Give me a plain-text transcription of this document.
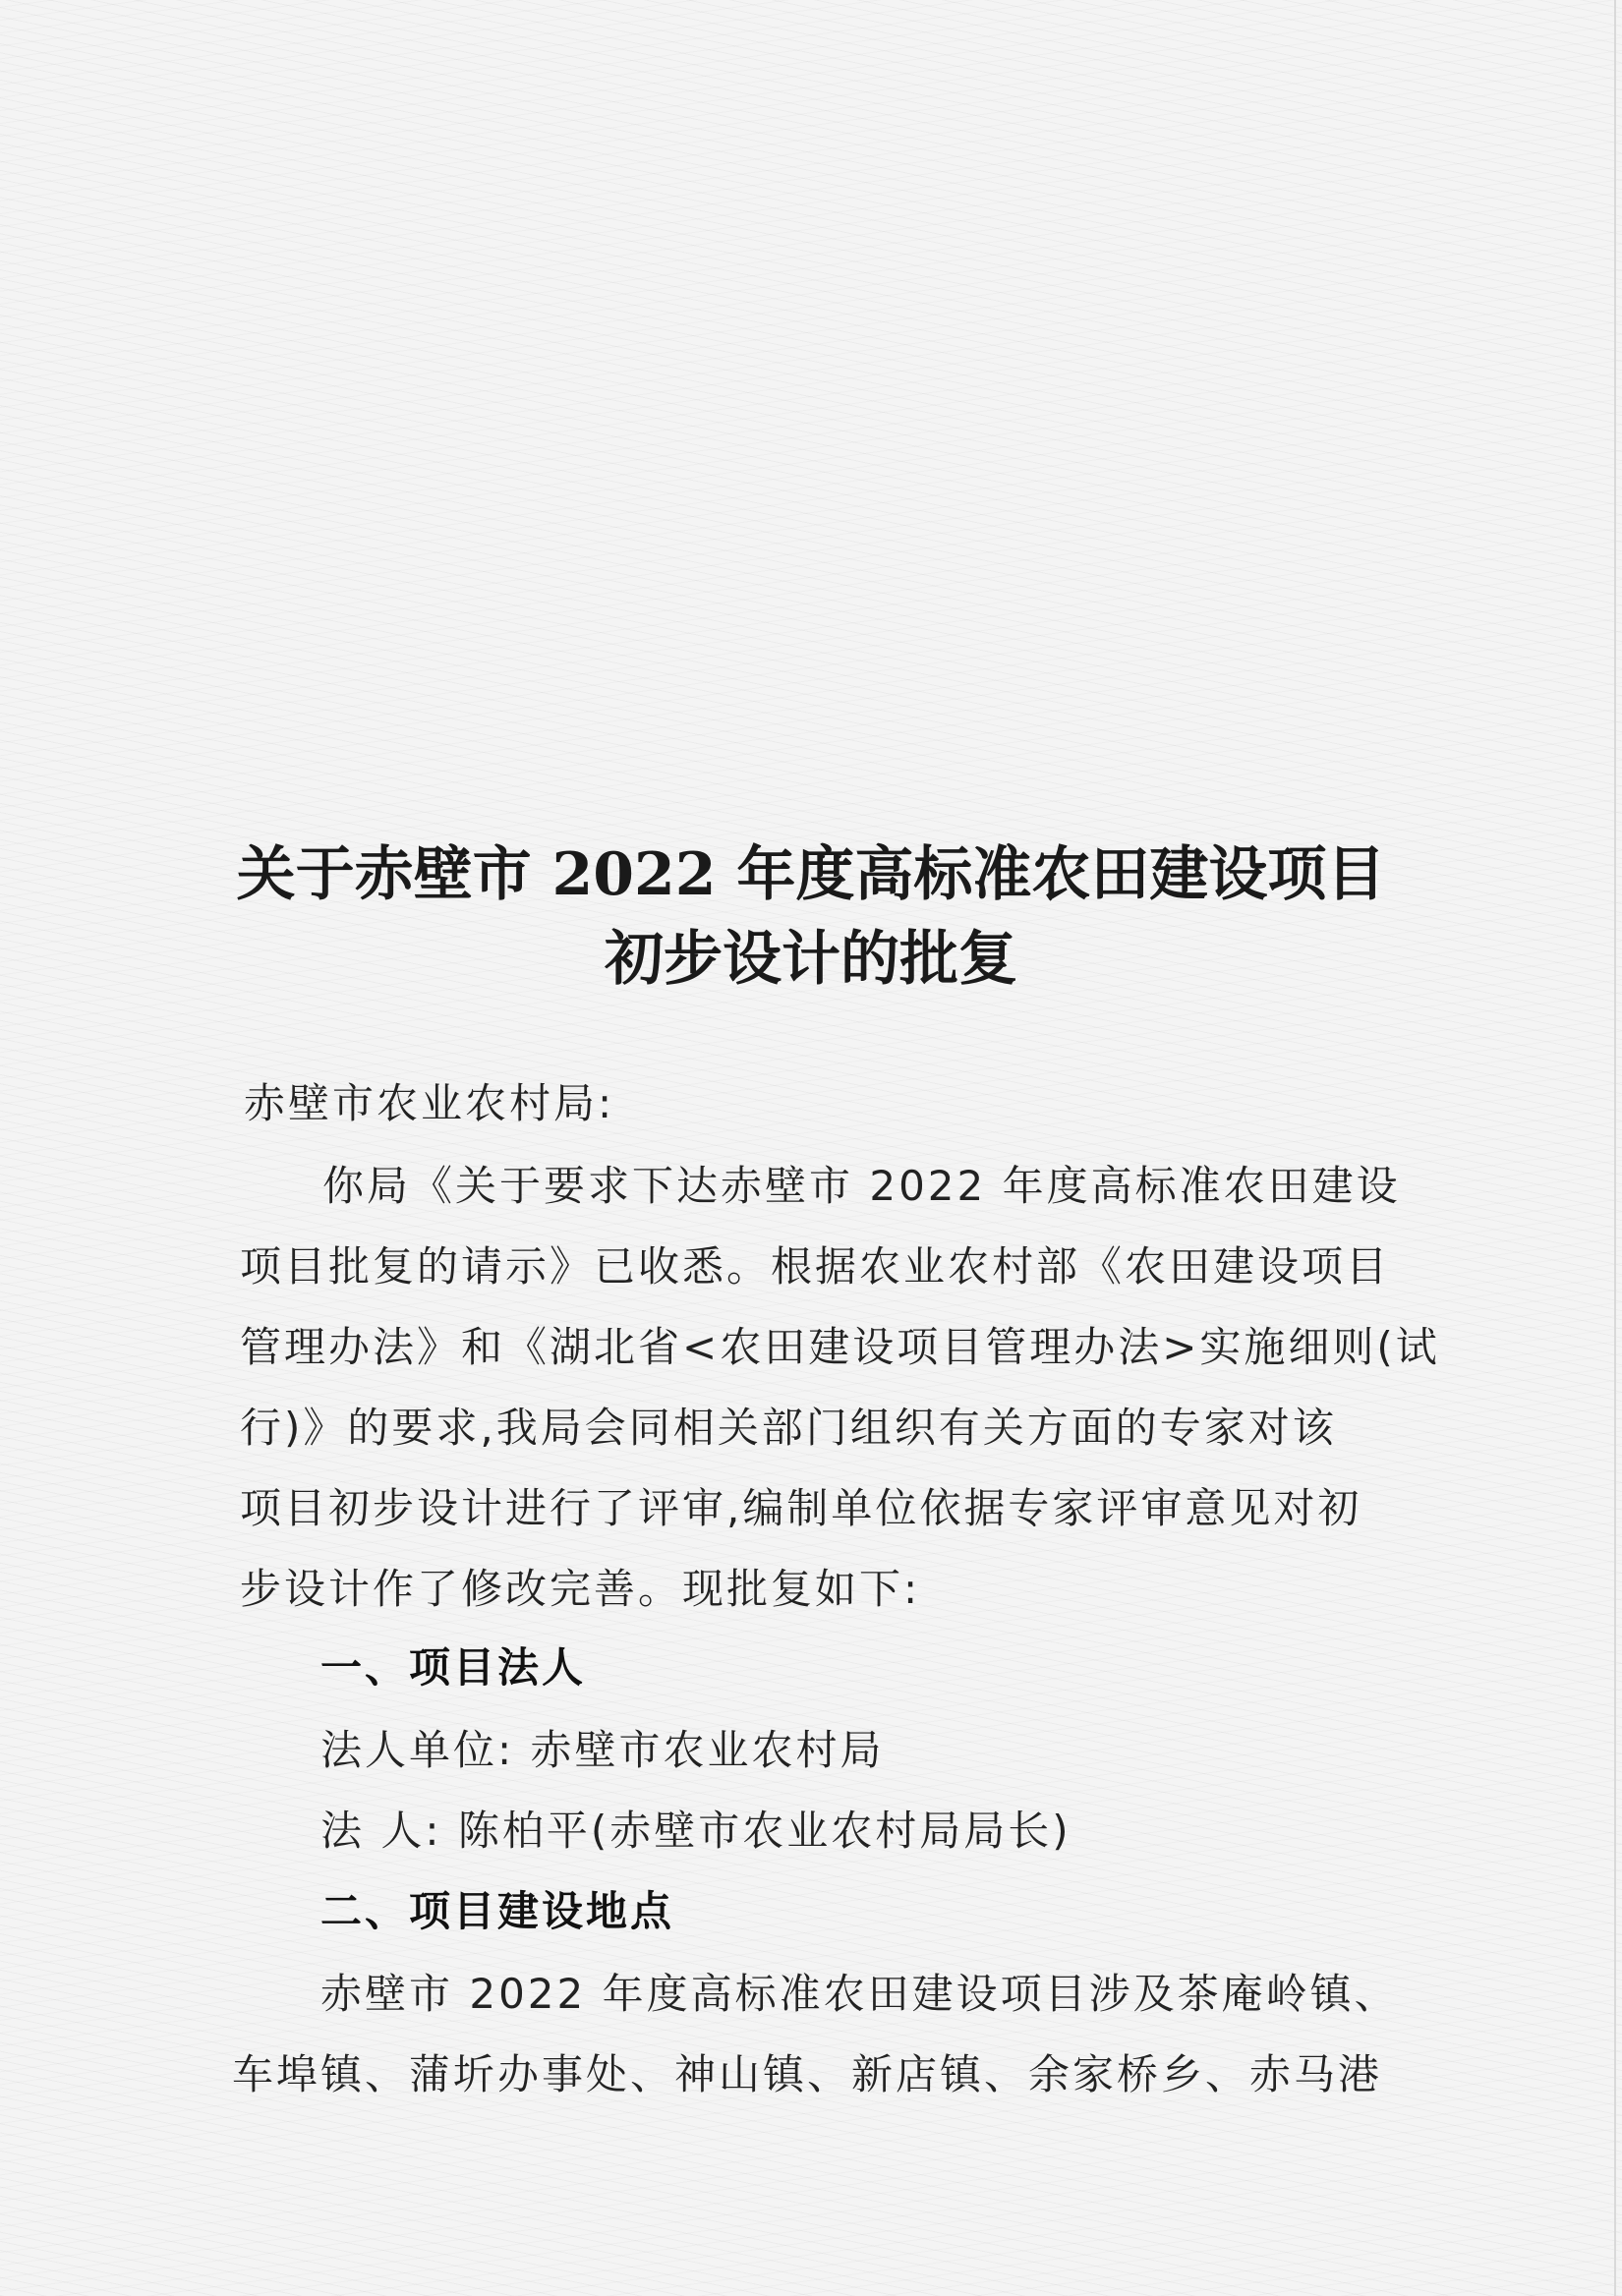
关于赤壁市 2022 年度高标准农田建设项目
初步设计的批复
赤壁市农业农村局:
你局《关于要求下达赤壁市 2022 年度高标准农田建设
项目批复的请示》已收悉。根据农业农村部《农田建设项目
管理办法》和《湖北省<农田建设项目管理办法>实施细则(试
行)》的要求,我局会同相关部门组织有关方面的专家对该
项目初步设计进行了评审,编制单位依据专家评审意见对初
步设计作了修改完善。现批复如下:
一、项目法人
法人单位: 赤壁市农业农村局
法 人: 陈柏平(赤壁市农业农村局局长)
二、项目建设地点
赤壁市 2022 年度高标准农田建设项目涉及茶庵岭镇、
车埠镇、蒲圻办事处、神山镇、新店镇、余家桥乡、赤马港
